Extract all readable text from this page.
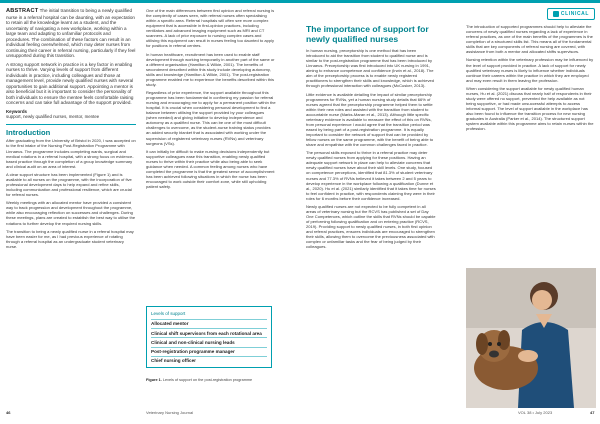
CLINICAL

ABSTRACT The initial transition to being a newly qualified nurse in a referral hospital can be daunting, with an expectation to retain all the knowledge learnt as a student, and the uncertainty of navigating a new workplace, working within a large team and adapting to unfamiliar protocols and procedures. The combination of these factors can result in an individual feeling overwhelmed, which may deter nurses from continuing their career in referral nursing, particularly if they feel unsupported during this transition.

A strong support network in practice is a key factor in enabling nurses to thrive. Varying levels of support from different individuals in practice, including colleagues and those at management level, provide newly qualified nurses with several opportunities to gain additional support. Appointing a mentor is also beneficial but it is important to consider the personality of both individuals to ensure the mentee feels comfortable raising concerns and can take full advantage of the support provided.

Keywords
support, newly qualified nurses, mentor, mentee
Introduction

After graduating from the University of Bristol in 2020, I was accepted on to the first intake of the Nursing Post-Registration Programme with Linnaeus. The programme includes completing wards, surgical and medical rotations in a referral hospital, with a strong focus on evidence-based practice through the completion of a group knowledge summary and clinical audit on an area of interest.

A clear support structure has been implemented (Figure 1) and is available to all nurses on the programme, with the incorporation of five professional development days to help expand and refine skills, including communication and professional resilience, which are crucial for referral nurses.

Weekly meetings with an allocated mentor have provided a consistent way to track progression and development throughout the programme, while also encouraging reflection on successes and challenges. During these meetings, plans are created to establish the best way to utilise the rotations to further develop the required nursing skills.

The transition to being a newly qualified nurse in a referral hospital may have been easier for me, as I had previous experience of rotating through a referral hospital as an undergraduate student veterinary nurse.

One of the main differences between first opinion and referral nursing is the complexity of cases seen, with referral nurses often specialising within a specific area. Referral hospitals will often see more complex equipment that is accessible in first-opinion practices, including ventilators and advanced imaging equipment such as MRI and CT scanners. A lack of prior exposure to nursing complex cases and utilising this equipment can result in nurses feeling too daunted to apply for positions in referral centres.

In human healthcare, recruitment has been used to enable staff development through working temporarily in another part of the same or a different organisation (Hamilton & Wilkie, 2001). The benefits of secondment described within this study include developing autonomy, skills and knowledge (Hamilton & Wilkie, 2001). The post-registration programme enabled me to experience the benefits described within this study.

Regardless of prior experience, the support available throughout this programme has been fundamental in confirming my passion for referral nursing and encouraging me to apply for a permanent position within the hospital. It is crucial when considering personal development to find a balance between utilising the support provided by your colleagues (when needed) and giving initiative to develop independence and autonomy as a qualified nurse. This can be one of the most difficult challenges to overcome, as the student-nurse training status provides an added security blanket that is associated with working under the supervision of registered veterinary nurses (RVNs) and veterinary surgeons (VSs).

It can initially be difficult to make nursing decisions independently but supportive colleagues ease this transition, enabling newly qualified nurses to thrive within their practice while also being able to seek guidance when needed. A common feeling among nurses who have completed the programme is that the greatest sense of accomplishment has been achieved following situations in which the nurse has been encouraged to work outside their comfort zone, while still upholding patient safety.

Levels of support
Allocated mentor
Clinical shift supervisors from each rotational area
Clinical and non-clinical nursing leads
Post-registration programme manager
Chief nursing officer
Figure 1. Levels of support on the post-registration programme
The importance of support for newly qualified nurses

In human nursing, preceptorship is one method that has been introduced to aid the transition from student to qualified nurse and is similar to the post-registration programme that has been introduced by Linnaeus. Preceptorship was first introduced into UK nursing in 1991, aiming to enhance competence and confidence (Irwin et al., 2018). The aim of the preceptorship process is to enable newly registered practitioners to strengthen their skills and knowledge, which is achieved through professional interaction with colleagues (McCusker, 2013).

Little evidence is available detailing the impact of similar preceptorship programmes for RVNs, yet a human nursing study details that 66% of nurses agreed that the preceptorship programme helped them to settle within their new roles and assisted with the transition from student to accountable nurse (Marks-Maran et al., 2013). Although little specific veterinary evidence is available to measure the effect of this on RVNs, from personal experience I would agree that the transition period was eased by being part of a post-registration programme. It is equally important to consider the network of support that can be provided by fellow nurses on the same programme, with the benefit of being able to share and empathise with the common challenges faced in practice.

The personal skills exposed to thrive in a referral practice may deter newly qualified nurses from applying for these positions. Having an adequate support network in place can help to alleviate concerns that newly qualified nurses have about their skill levels. One study, focused on competence perceptions, identified that 81.3% of student veterinary nurses and 77.3% of RVNs believed it takes between 2 and 5 years to develop experience in the workplace following a qualification (Dunne et al., 2020). Hu et al. (2021) similarly identified that it takes time for nurses to feel confident in practice, with respondents claiming they were in their roles for 6 months before their confidence increased.

Newly qualified nurses are not expected to be fully competent in all areas of veterinary nursing but the RCVS has published a set of Day One Competences, which outline the skills that RVNs should be capable of performing following qualification and on entering practice (RCVS, 2019). Providing support to newly qualified nurses, in both first opinion and referral practices, ensures individuals are encouraged to strengthen their skills, allowing them to overcome the previousness associated with complex or unfamiliar tasks and the fear of being judged by their colleagues.

The introduction of supported programmes should help to alleviate the concerns of newly qualified nurses regarding a lack of experience in referral practices, as one of the main benefits of the programmes is the completion of a structured skills list. This means all of the fundamental skills that are key components of referral nursing are covered, with assistance from both a mentor and allocated shifts supervisors.

Nursing retention within the veterinary profession may be influenced by the level of support provided in practice. A lack of support for newly qualified veterinary nurses is likely to influence whether individuals continue their careers within the practice in which they are employed and may even result in them leaving the profession.

When considering the support available for newly qualified human nurses, Hu et al. (2021) discuss that nearly half of respondents in their study were offered no support, prevented the help available as not being supportive, or had made unsuccessful attempts to access informal support. The level of support available in the workplace has also been found to influence the transition process for new nursing graduates in Australia (Parker et al., 2014). The structured support system available within this programme aims to retain nurses within the profession.

46	Veterinary Nursing Journal	VOL 38 • July 2023	47
